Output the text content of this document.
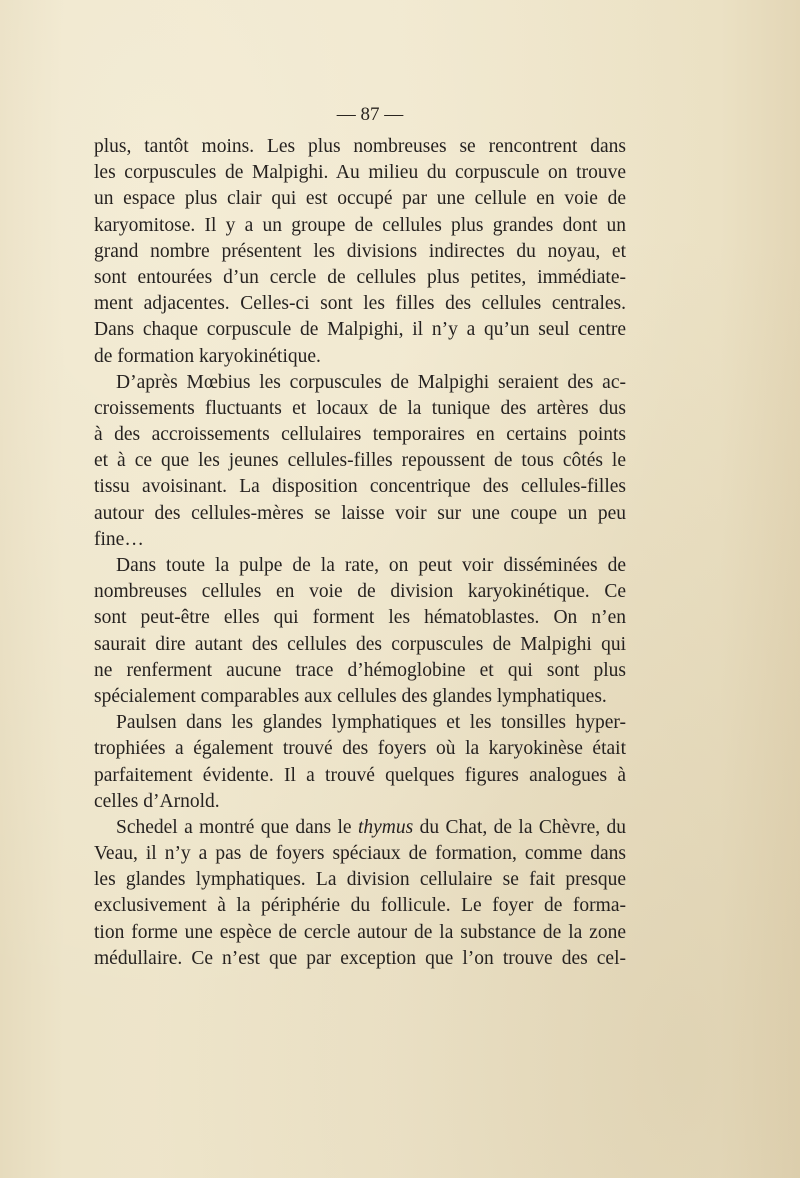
— 87 —
plus, tantôt moins. Les plus nombreuses se rencontrent dans
les corpuscules de Malpighi. Au milieu du corpuscule on trouve
un espace plus clair qui est occupé par une cellule en voie de
karyomitose. Il y a un groupe de cellules plus grandes dont un
grand nombre présentent les divisions indirectes du noyau, et
sont entourées d’un cercle de cellules plus petites, immédiate-
ment adjacentes. Celles-ci sont les filles des cellules centrales.
Dans chaque corpuscule de Malpighi, il n’y a qu’un seul centre
de formation karyokinétique.
D’après Mœbius les corpuscules de Malpighi seraient des ac-
croissements fluctuants et locaux de la tunique des artères dus
à des accroissements cellulaires temporaires en certains points
et à ce que les jeunes cellules-filles repoussent de tous côtés le
tissu avoisinant. La disposition concentrique des cellules-filles
autour des cellules-mères se laisse voir sur une coupe un peu
fine…
Dans toute la pulpe de la rate, on peut voir disséminées de
nombreuses cellules en voie de division karyokinétique. Ce
sont peut-être elles qui forment les hématoblastes. On n’en
saurait dire autant des cellules des corpuscules de Malpighi qui
ne renferment aucune trace d’hémoglobine et qui sont plus
spécialement comparables aux cellules des glandes lymphatiques.
Paulsen dans les glandes lymphatiques et les tonsilles hyper-
trophiées a également trouvé des foyers où la karyokinèse était
parfaitement évidente. Il a trouvé quelques figures analogues à
celles d’Arnold.
Schedel a montré que dans le thymus du Chat, de la Chèvre, du
Veau, il n’y a pas de foyers spéciaux de formation, comme dans
les glandes lymphatiques. La division cellulaire se fait presque
exclusivement à la périphérie du follicule. Le foyer de forma-
tion forme une espèce de cercle autour de la substance de la zone
médullaire. Ce n’est que par exception que l’on trouve des cel-
